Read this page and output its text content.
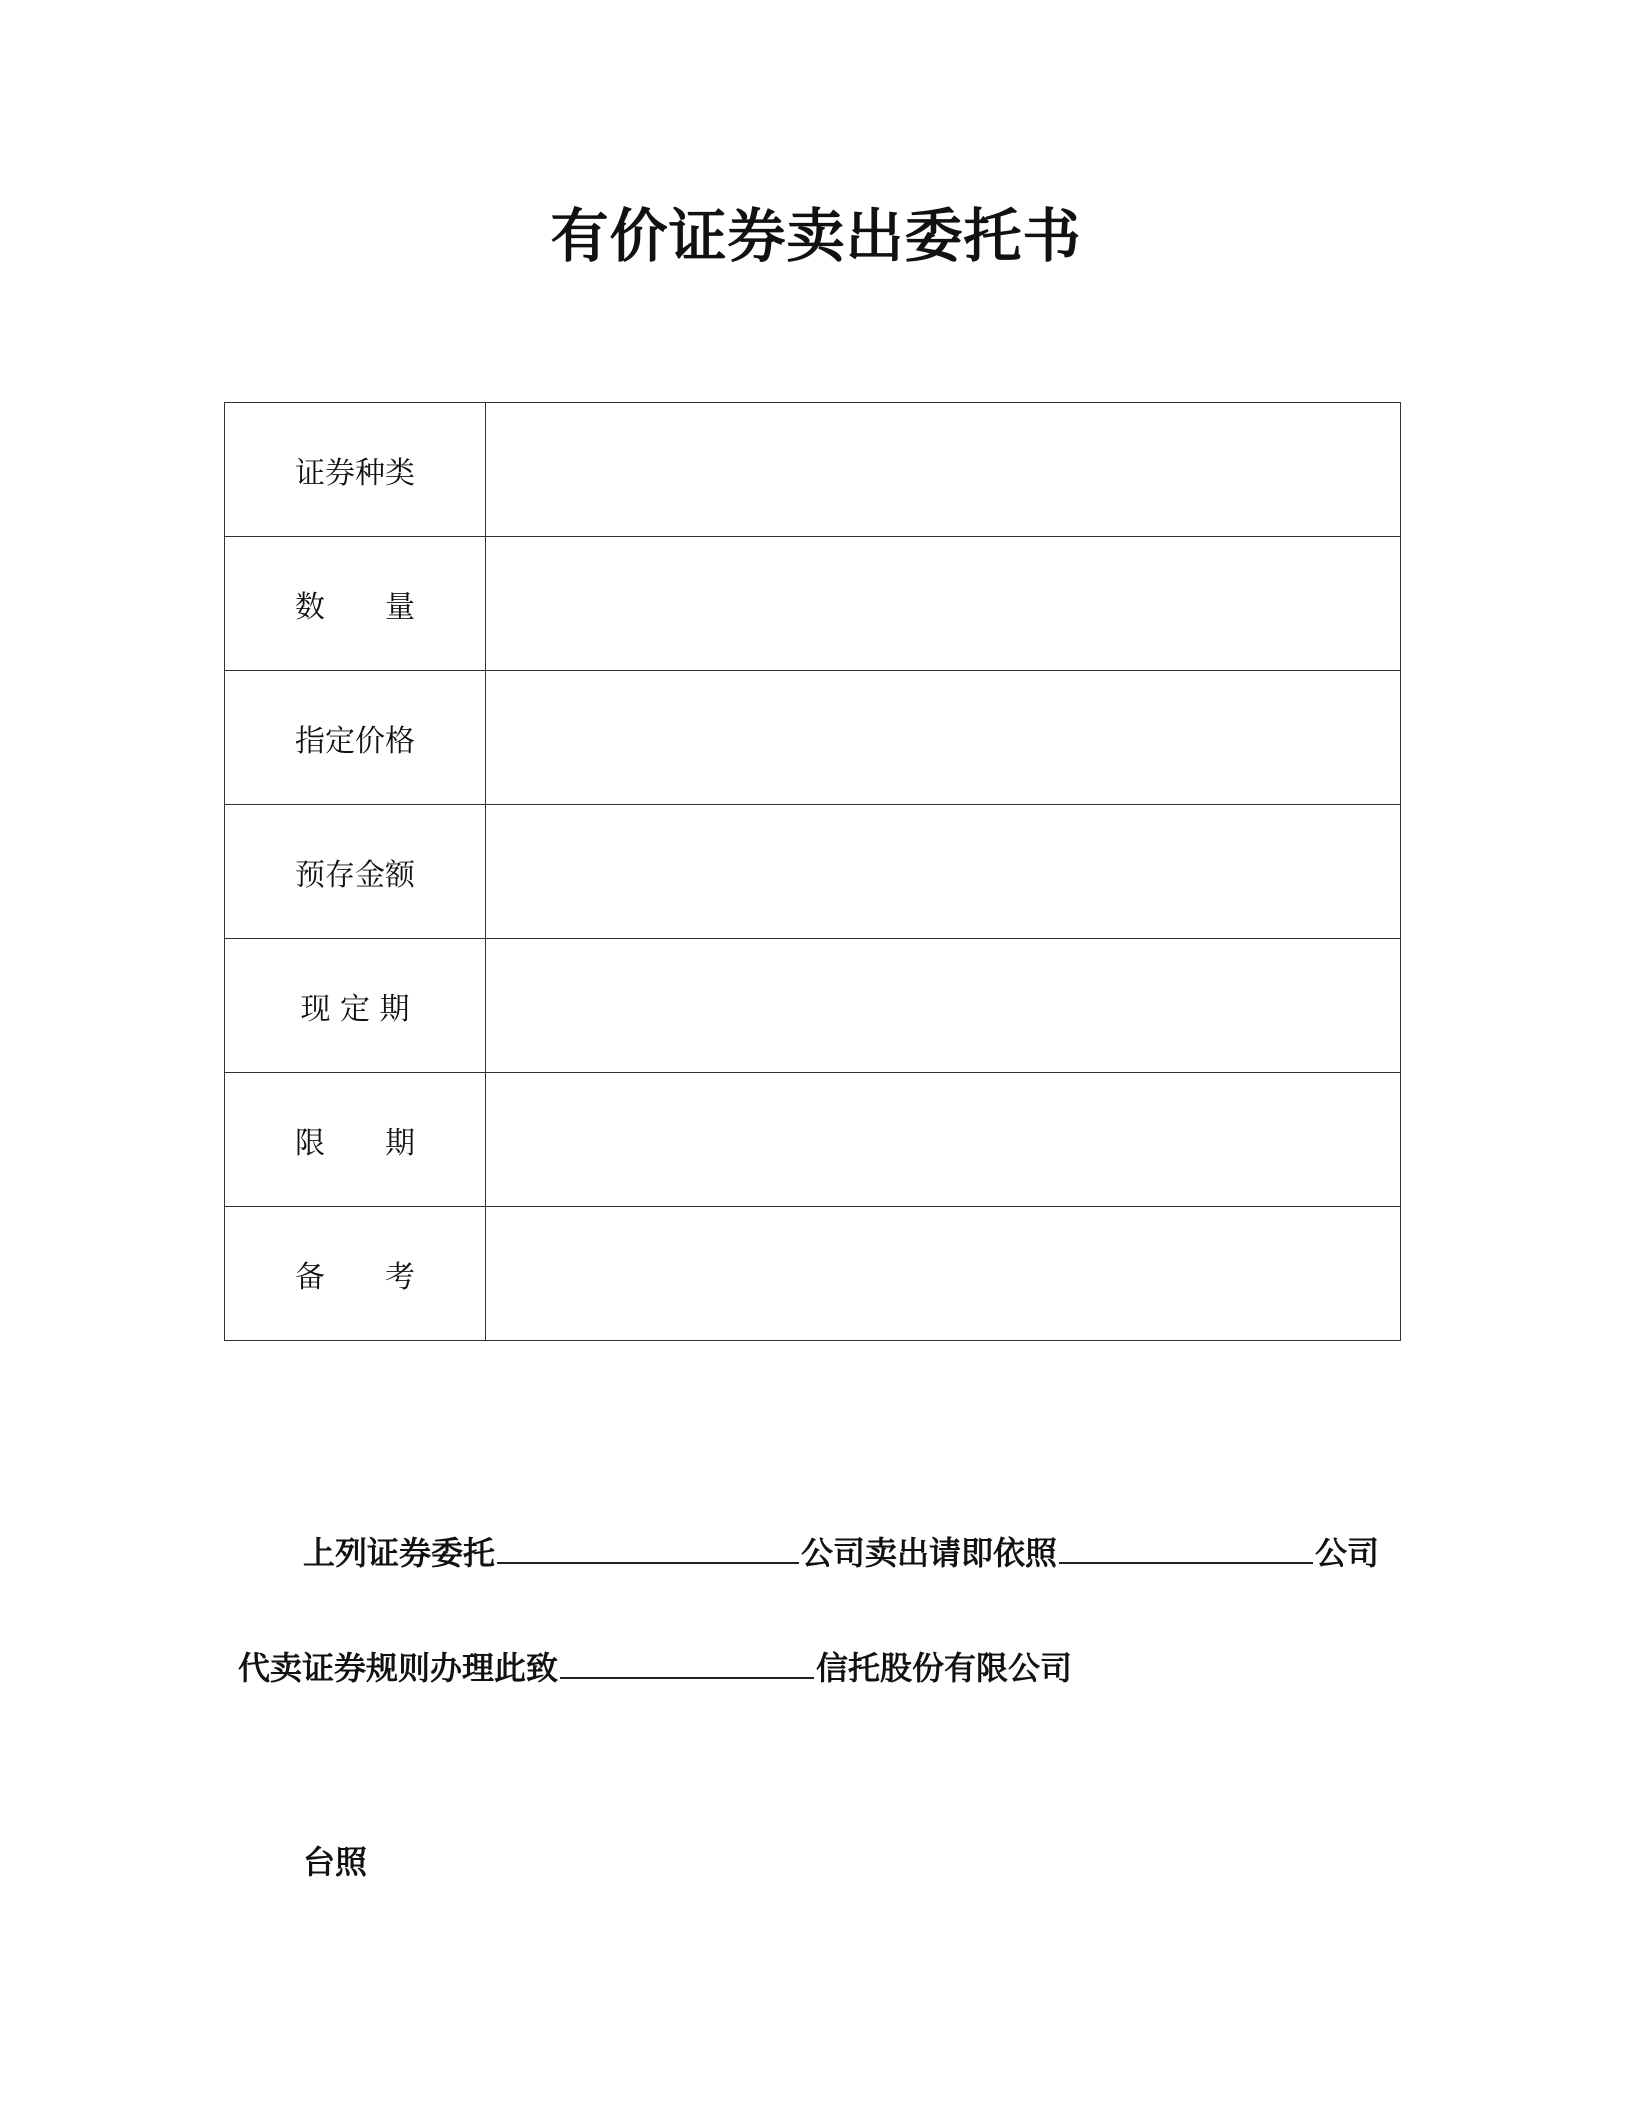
有价证券卖出委托书
证券种类	
数　　量	
指定价格	
预存金额	
现 定 期	
限　　期	
备　　考	
上列证券委托	公司卖出请即依照	公司
代卖证券规则办理此致	信托股份有限公司
台照
